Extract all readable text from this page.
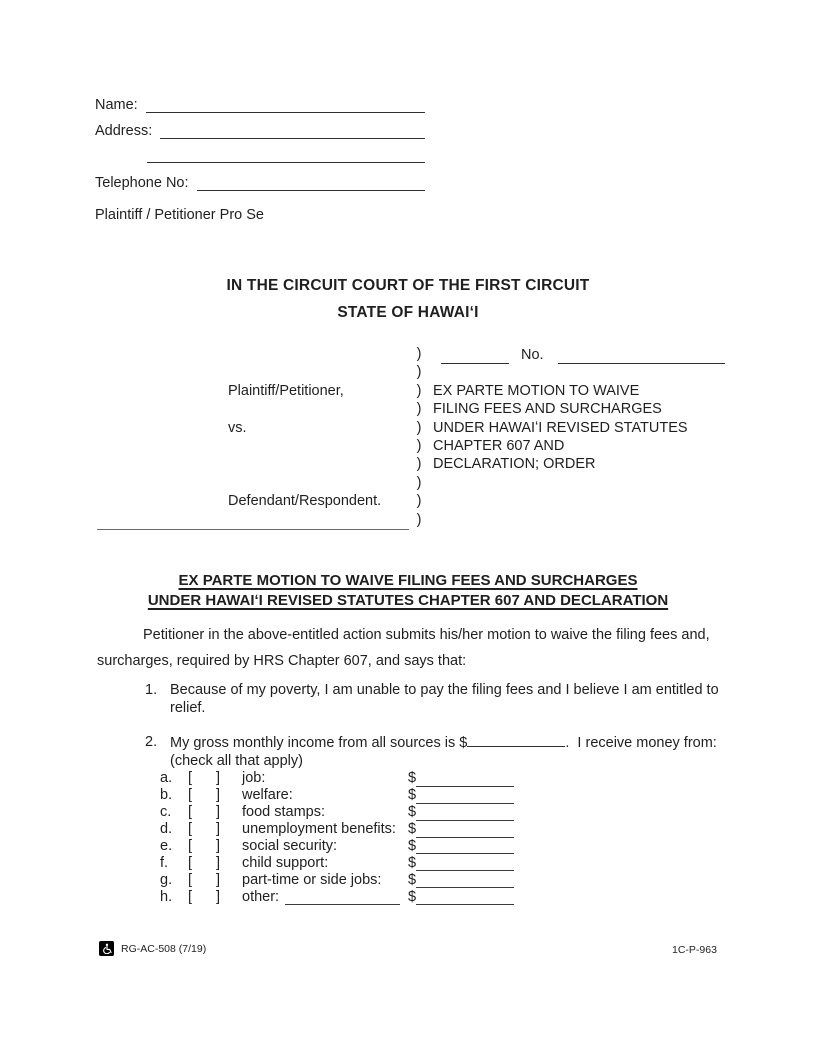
Name:
Address:
Telephone No:
Plaintiff / Petitioner Pro Se
IN THE CIRCUIT COURT OF THE FIRST CIRCUIT
STATE OF HAWAIʻI
)	No.
)
Plaintiff/Petitioner,	) EX PARTE MOTION TO WAIVE
) FILING FEES AND SURCHARGES
vs.	) UNDER HAWAIʻI REVISED STATUTES
) CHAPTER 607 AND
) DECLARATION; ORDER
)
Defendant/Respondent.	)
)
EX PARTE MOTION TO WAIVE FILING FEES AND SURCHARGES
UNDER HAWAIʻI REVISED STATUTES CHAPTER 607 AND DECLARATION
Petitioner in the above-entitled action submits his/her motion to waive the filing fees and,
surcharges, required by HRS Chapter 607, and says that:
1. Because of my poverty, I am unable to pay the filing fees and I believe I am entitled to
relief.
2. My gross monthly income from all sources is $	.  I receive money from:
(check all that apply)
a.	[ ] job:	$
b.	[ ] welfare:	$
c.	[ ] food stamps:	$
d.	[ ] unemployment benefits: $
e.	[ ] social security:	$
f.	[ ] child support:	$
g.	[ ] part-time or side jobs: $
h.	[ ] other:	$
RG-AC-508 (7/19)	1C-P-963
